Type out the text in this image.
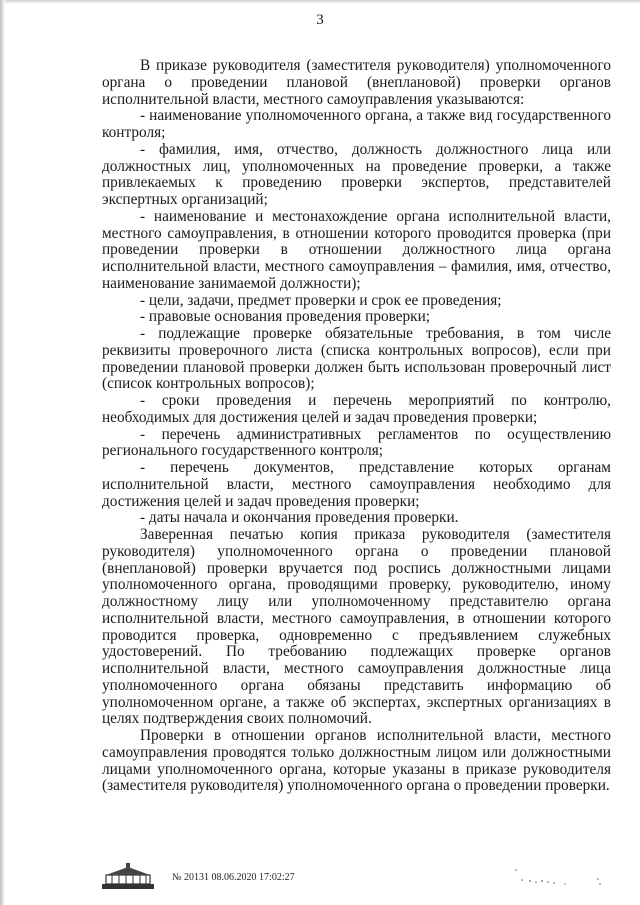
3

В приказе руководителя (заместителя руководителя) уполномоченного органа о проведении плановой (внеплановой) проверки органов исполнительной власти, местного самоуправления указываются:

- наименование уполномоченного органа, а также вид государственного контроля;

- фамилия, имя, отчество, должность должностного лица или должностных лиц, уполномоченных на проведение проверки, а также привлекаемых к проведению проверки экспертов, представителей экспертных организаций;

- наименование и местонахождение органа исполнительной власти, местного самоуправления, в отношении которого проводится проверка (при проведении проверки в отношении должностного лица органа исполнительной власти, местного самоуправления – фамилия, имя, отчество, наименование занимаемой должности);

- цели, задачи, предмет проверки и срок ее проведения;

- правовые основания проведения проверки;

- подлежащие проверке обязательные требования, в том числе реквизиты проверочного листа (списка контрольных вопросов), если при проведении плановой проверки должен быть использован проверочный лист (список контрольных вопросов);

- сроки проведения и перечень мероприятий по контролю, необходимых для достижения целей и задач проведения проверки;

- перечень административных регламентов по осуществлению регионального государственного контроля;

- перечень документов, представление которых органам исполнительной власти, местного самоуправления необходимо для достижения целей и задач проведения проверки;

- даты начала и окончания проведения проверки.

Заверенная печатью копия приказа руководителя (заместителя руководителя) уполномоченного органа о проведении плановой (внеплановой) проверки вручается под роспись должностными лицами уполномоченного органа, проводящими проверку, руководителю, иному должностному лицу или уполномоченному представителю органа исполнительной власти, местного самоуправления, в отношении которого проводится проверка, одновременно с предъявлением служебных удостоверений. По требованию подлежащих проверке органов исполнительной власти, местного самоуправления должностные лица уполномоченного органа обязаны представить информацию об уполномоченном органе, а также об экспертах, экспертных организациях в целях подтверждения своих полномочий.

Проверки в отношении органов исполнительной власти, местного самоуправления проводятся только должностным лицом или должностными лицами уполномоченного органа, которые указаны в приказе руководителя (заместителя руководителя) уполномоченного органа о проведении проверки.

№ 20131 08.06.2020 17:02:27
